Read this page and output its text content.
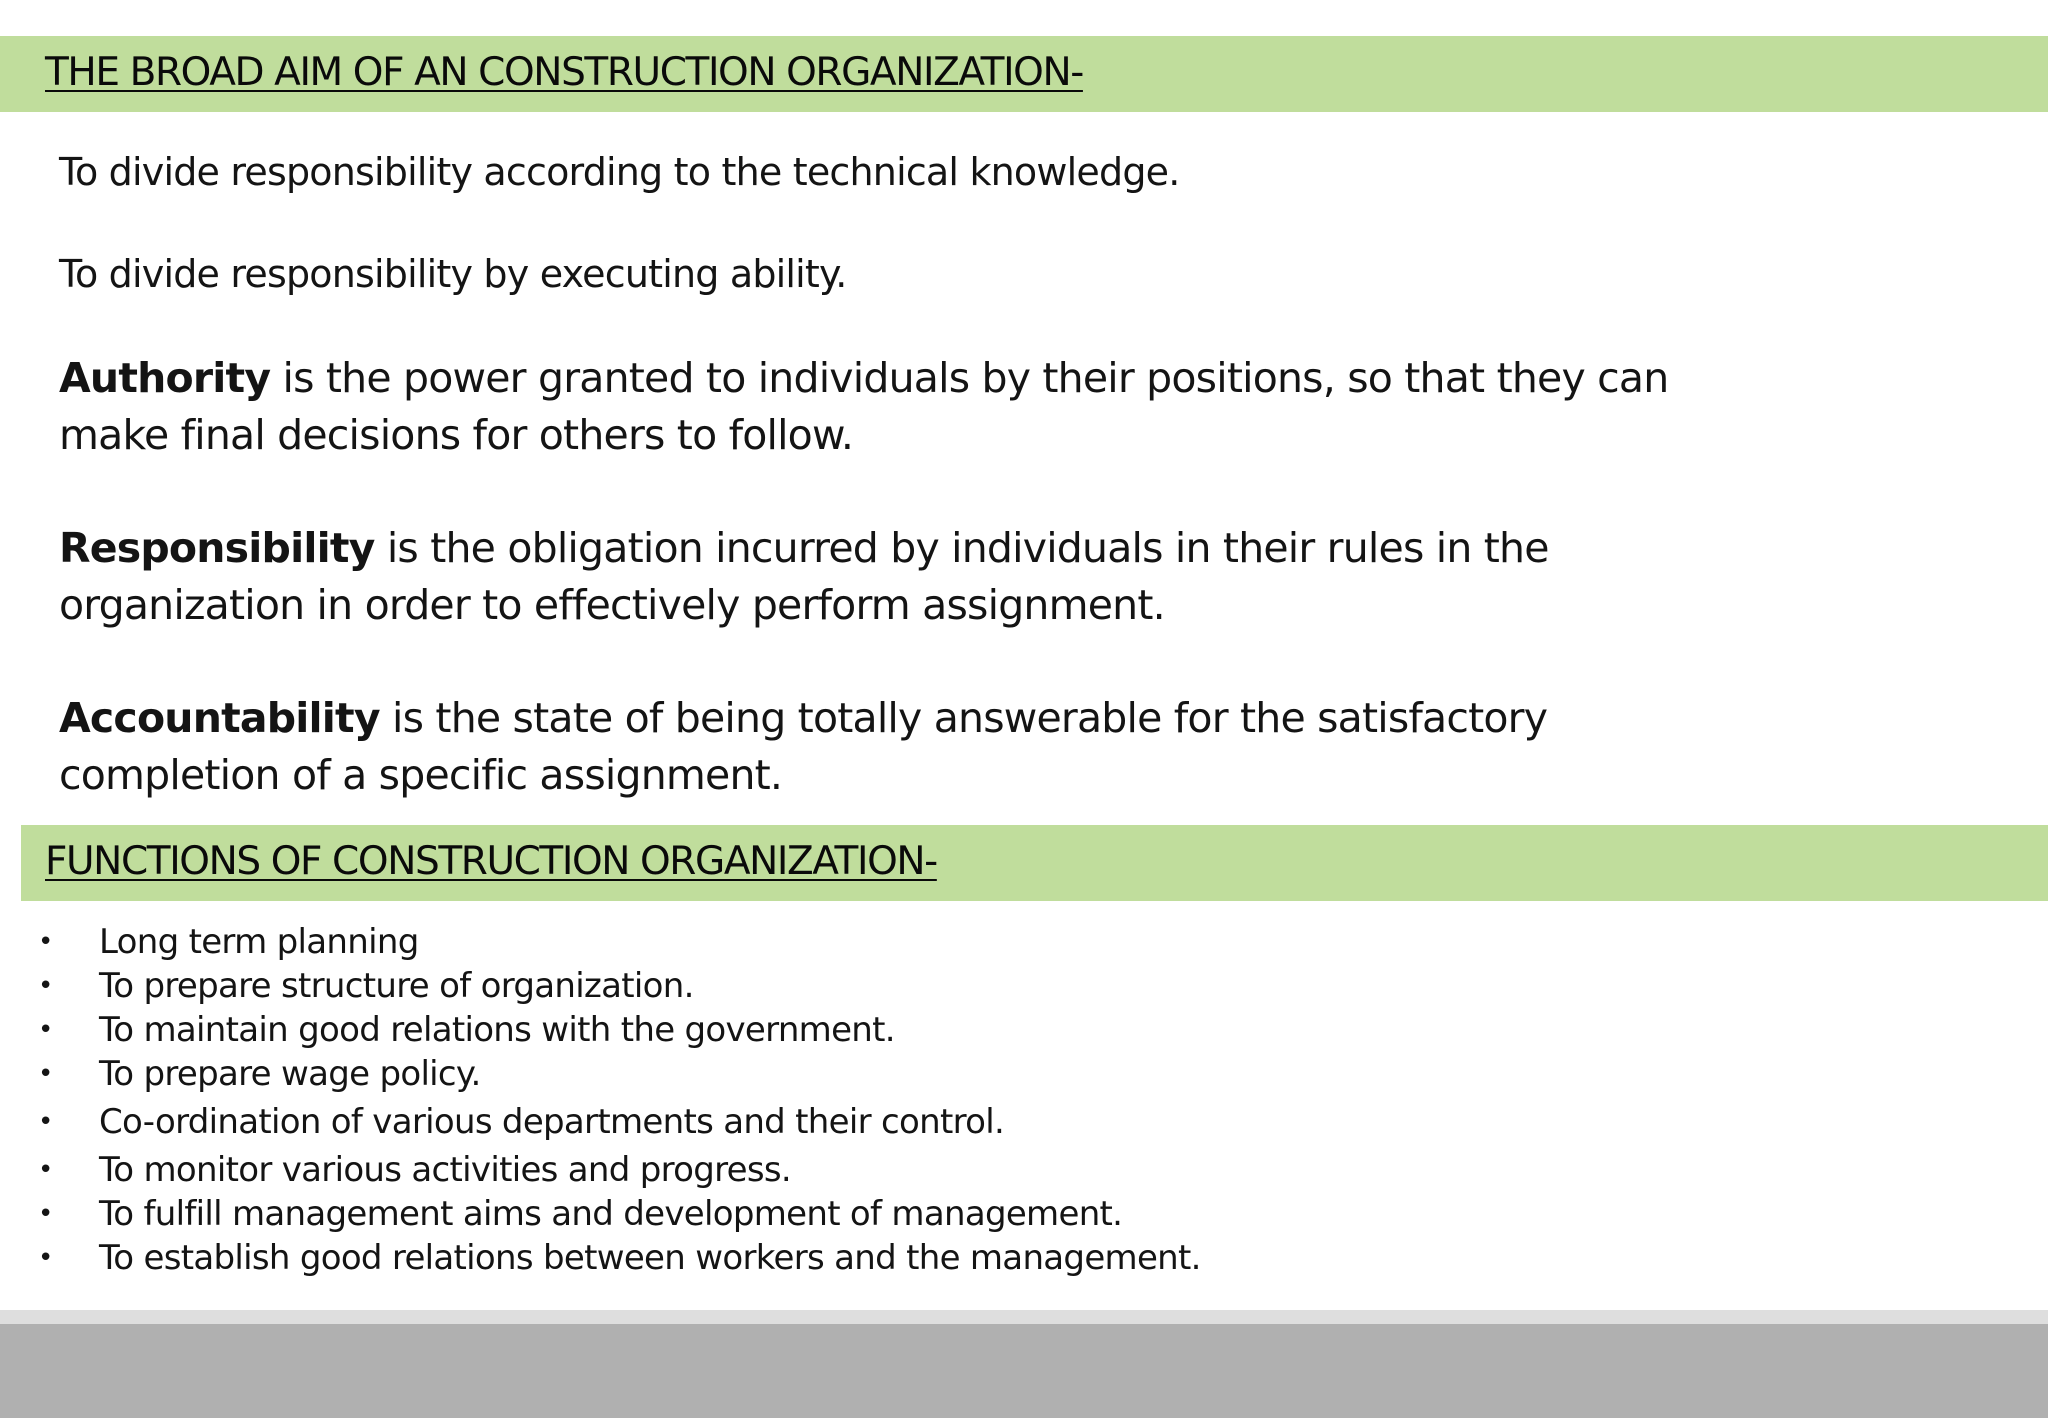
THE BROAD AIM OF AN CONSTRUCTION ORGANIZATION-

To divide responsibility according to the technical knowledge.

To divide responsibility by executing ability.

Authority is the power granted to individuals by their positions, so that they can
make final decisions for others to follow.

Responsibility is the obligation incurred by individuals in their rules in the
organization in order to effectively perform assignment.

Accountability is the state of being totally answerable for the satisfactory
completion of a specific assignment.

FUNCTIONS OF CONSTRUCTION ORGANIZATION-
• Long term planning
• To prepare structure of organization.
• To maintain good relations with the government.
• To prepare wage policy.
• Co-ordination of various departments and their control.
• To monitor various activities and progress.
• To fulfill management aims and development of management.
• To establish good relations between workers and the management.
